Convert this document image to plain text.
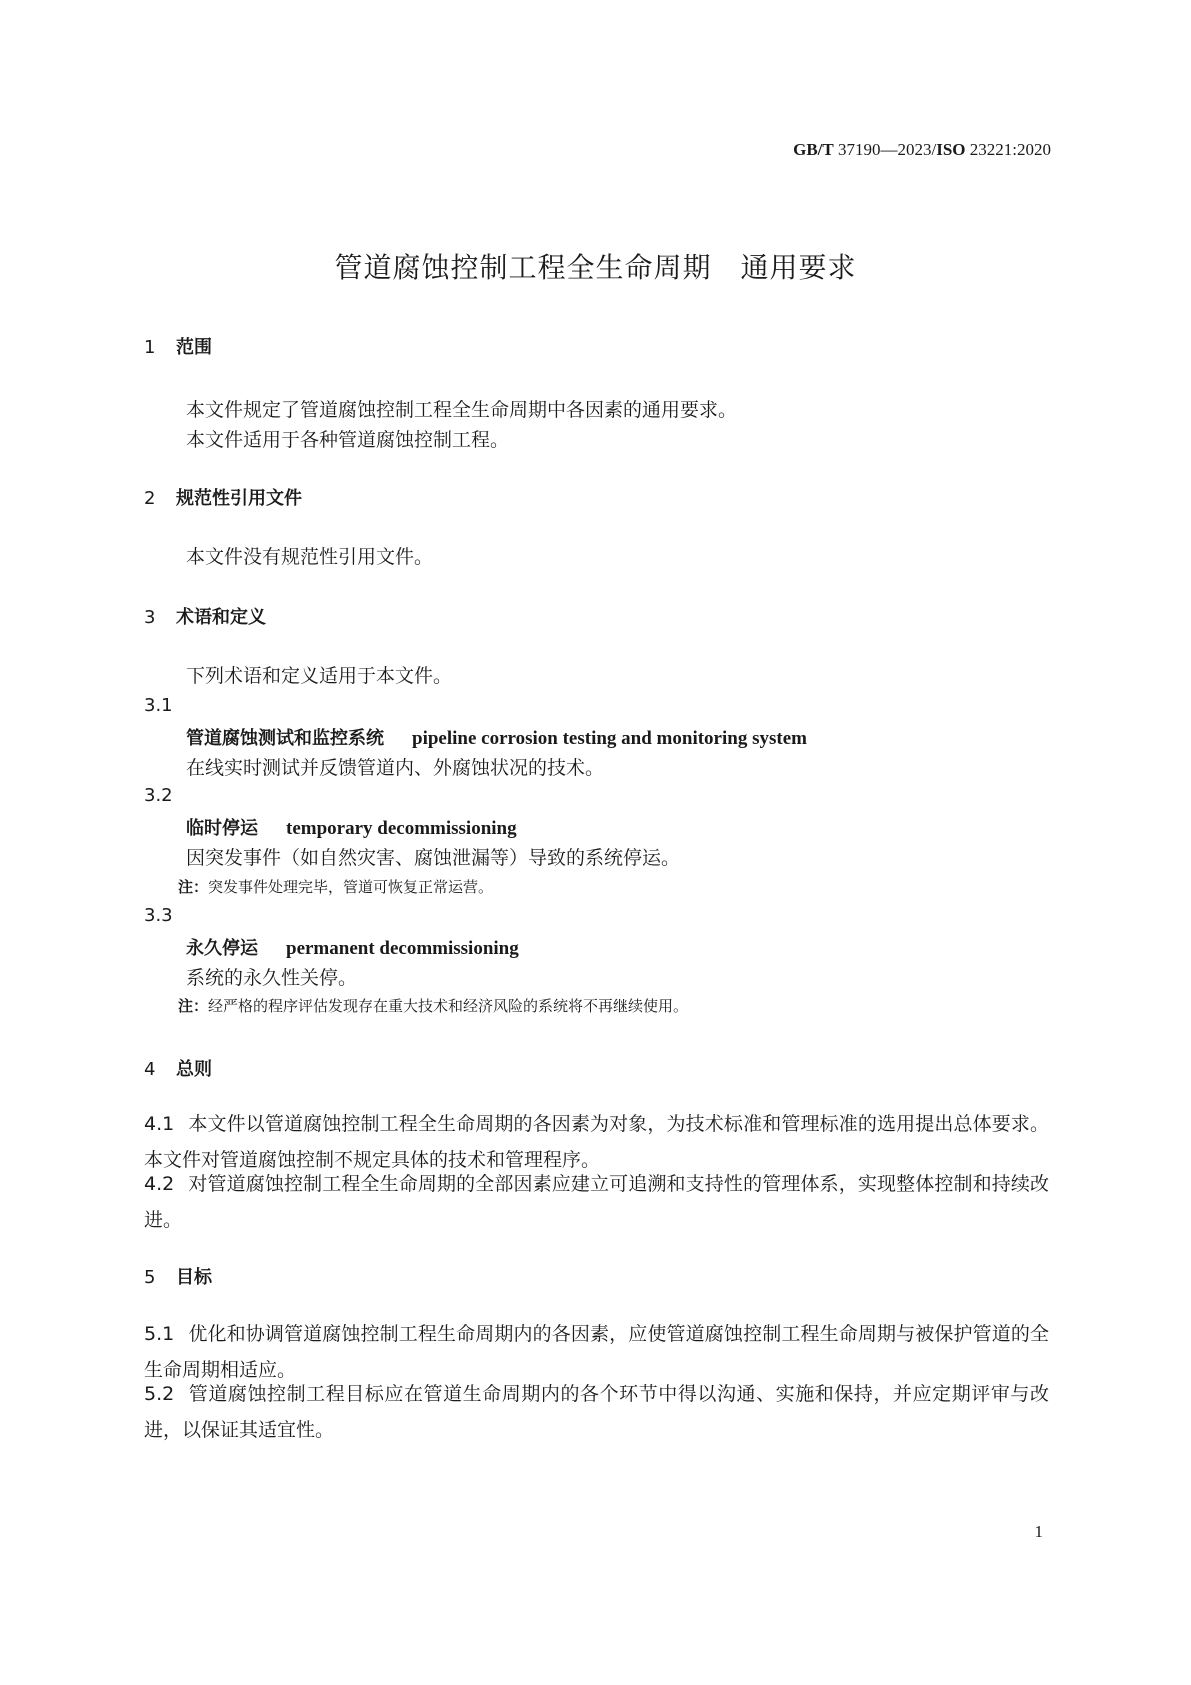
GB/T 37190—2023/ISO 23221:2020
管道腐蚀控制工程全生命周期　通用要求
1 范围
本文件规定了管道腐蚀控制工程全生命周期中各因素的通用要求。
本文件适用于各种管道腐蚀控制工程。
2 规范性引用文件
本文件没有规范性引用文件。
3 术语和定义
下列术语和定义适用于本文件。
3.1
管道腐蚀测试和监控系统 pipeline corrosion testing and monitoring system
在线实时测试并反馈管道内、外腐蚀状况的技术。
3.2
临时停运 temporary decommissioning
因突发事件（如自然灾害、腐蚀泄漏等）导致的系统停运。
注：突发事件处理完毕，管道可恢复正常运营。
3.3
永久停运 permanent decommissioning
系统的永久性关停。
注：经严格的程序评估发现存在重大技术和经济风险的系统将不再继续使用。
4 总则
4.1 本文件以管道腐蚀控制工程全生命周期的各因素为对象，为技术标准和管理标准的选用提出总体要求。本文件对管道腐蚀控制不规定具体的技术和管理程序。
4.2 对管道腐蚀控制工程全生命周期的全部因素应建立可追溯和支持性的管理体系，实现整体控制和持续改进。
5 目标
5.1 优化和协调管道腐蚀控制工程生命周期内的各因素，应使管道腐蚀控制工程生命周期与被保护管道的全生命周期相适应。
5.2 管道腐蚀控制工程目标应在管道生命周期内的各个环节中得以沟通、实施和保持，并应定期评审与改进，以保证其适宜性。
1
